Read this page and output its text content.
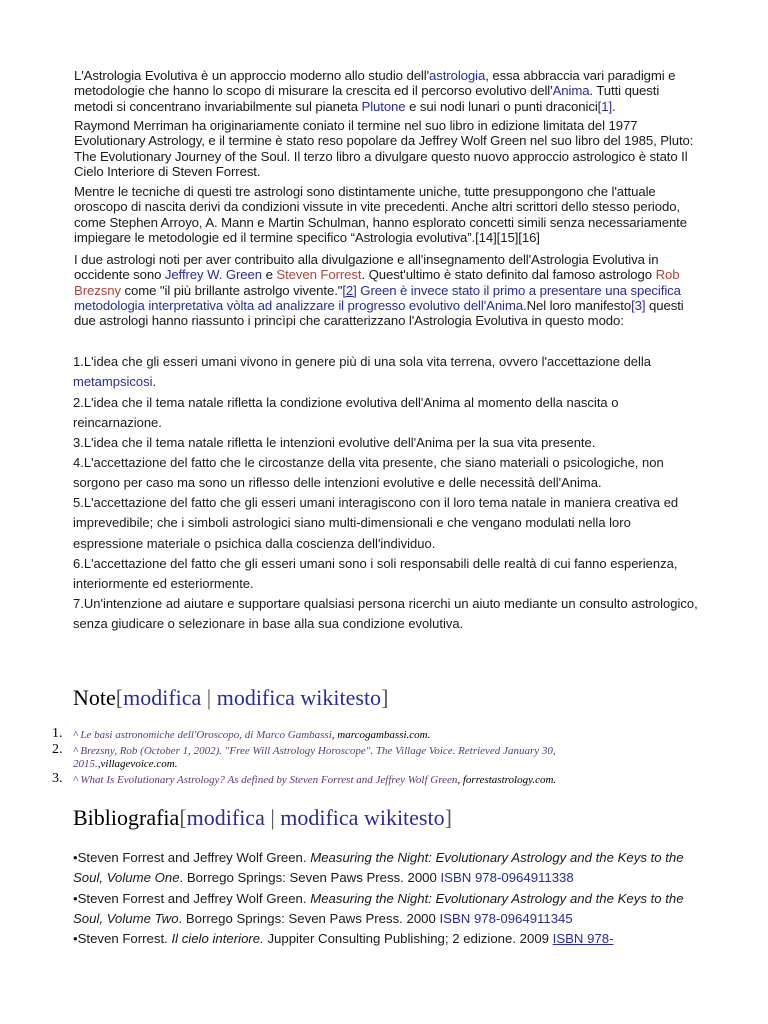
L'Astrologia Evolutiva è un approccio moderno allo studio dell'astrologia, essa abbraccia vari paradigmi e metodologie che hanno lo scopo di misurare la crescita ed il percorso evolutivo dell'Anima. Tutti questi metodi si concentrano invariabilmente sul pianeta Plutone e sui nodi lunari o punti draconici[1].
Raymond Merriman ha originariamente coniato il termine nel suo libro in edizione limitata del 1977 Evolutionary Astrology, e il termine è stato reso popolare da Jeffrey Wolf Green nel suo libro del 1985, Pluto: The Evolutionary Journey of the Soul. Il terzo libro a divulgare questo nuovo approccio astrologico è stato Il Cielo Interiore di Steven Forrest.
Mentre le tecniche di questi tre astrologi sono distintamente uniche, tutte presuppongono che l'attuale oroscopo di nascita derivi da condizioni vissute in vite precedenti. Anche altri scrittori dello stesso periodo, come Stephen Arroyo, A. Mann e Martin Schulman, hanno esplorato concetti simili senza necessariamente impiegare le metodologie ed il termine specifico “Astrologia evolutiva”.[14][15][16]
I due astrologi noti per aver contribuito alla divulgazione e all'insegnamento dell'Astrologia Evolutiva in occidente sono Jeffrey W. Green e Steven Forrest. Quest'ultimo è stato definito dal famoso astrologo Rob Brezsny come "il più brillante astrolgo vivente."[2] Green è invece stato il primo a presentare una specifica metodologia interpretativa vòlta ad analizzare il progresso evolutivo dell'Anima.Nel loro manifesto[3] questi due astrologi hanno riassunto i princìpi che caratterizzano l'Astrologia Evolutiva in questo modo:
1.L'idea che gli esseri umani vivono in genere più di una sola vita terrena, ovvero l'accettazione della metampsicosi.
2.L'idea che il tema natale rifletta la condizione evolutiva dell'Anima al momento della nascita o reincarnazione.
3.L'idea che il tema natale rifletta le intenzioni evolutive dell'Anima per la sua vita presente.
4.L'accettazione del fatto che le circostanze della vita presente, che siano materiali o psicologiche, non sorgono per caso ma sono un riflesso delle intenzioni evolutive e delle necessità dell'Anima.
5.L'accettazione del fatto che gli esseri umani interagiscono con il loro tema natale in maniera creativa ed imprevedibile; che i simboli astrologici siano multi-dimensionali e che vengano modulati nella loro espressione materiale o psichica dalla coscienza dell'individuo.
6.L'accettazione del fatto che gli esseri umani sono i soli responsabili delle realtà di cui fanno esperienza, interiormente ed esteriormente.
7.Un'intenzione ad aiutare e supportare qualsiasi persona ricerchi un aiuto mediante un consulto astrologico, senza giudicare o selezionare in base alla sua condizione evolutiva.
Note[modifica | modifica wikitesto]
1. ^ Le basi astronomiche dell'Oroscopo, di Marco Gambassi, marcogambassi.com.
2. ^ Brezsny, Rob (October 1, 2002). "Free Will Astrology Horoscope". The Village Voice. Retrieved January 30, 2015.,villagevoice.com.
3. ^ What Is Evolutionary Astrology? As defined by Steven Forrest and Jeffrey Wolf Green, forrestastrology.com.
Bibliografia[modifica | modifica wikitesto]
•Steven Forrest and Jeffrey Wolf Green. Measuring the Night: Evolutionary Astrology and the Keys to the Soul, Volume One. Borrego Springs: Seven Paws Press. 2000 ISBN 978-0964911338
•Steven Forrest and Jeffrey Wolf Green. Measuring the Night: Evolutionary Astrology and the Keys to the Soul, Volume Two. Borrego Springs: Seven Paws Press. 2000 ISBN 978-0964911345
•Steven Forrest. Il cielo interiore. Juppiter Consulting Publishing; 2 edizione. 2009 ISBN 978-
